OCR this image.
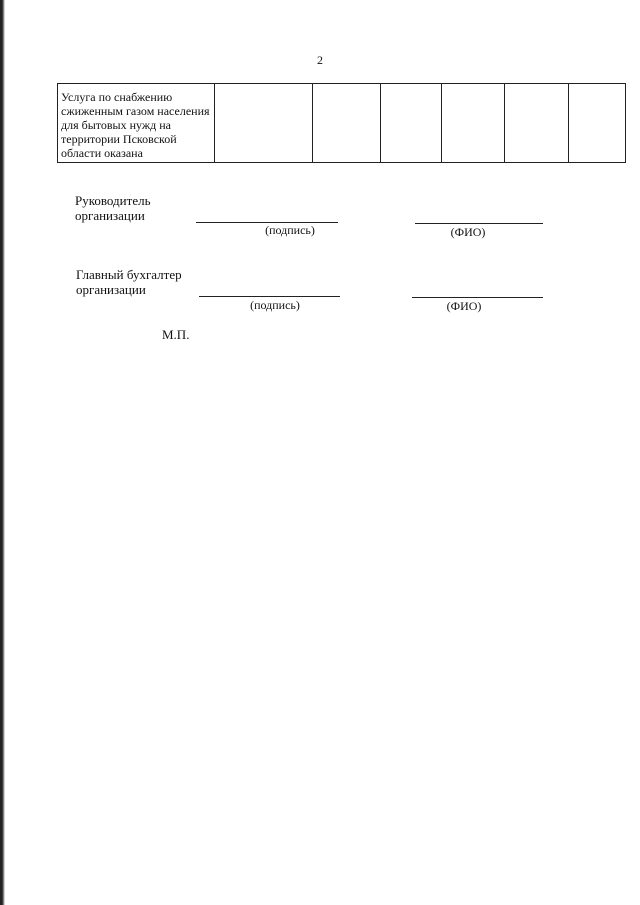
2
Услуга по снабжению сжиженным газом населения для бытовых нужд на территории Псковской области оказана						
Руководитель организации
(подпись)	(ФИО)
Главный бухгалтер организации
(подпись)	(ФИО)
М.П.
